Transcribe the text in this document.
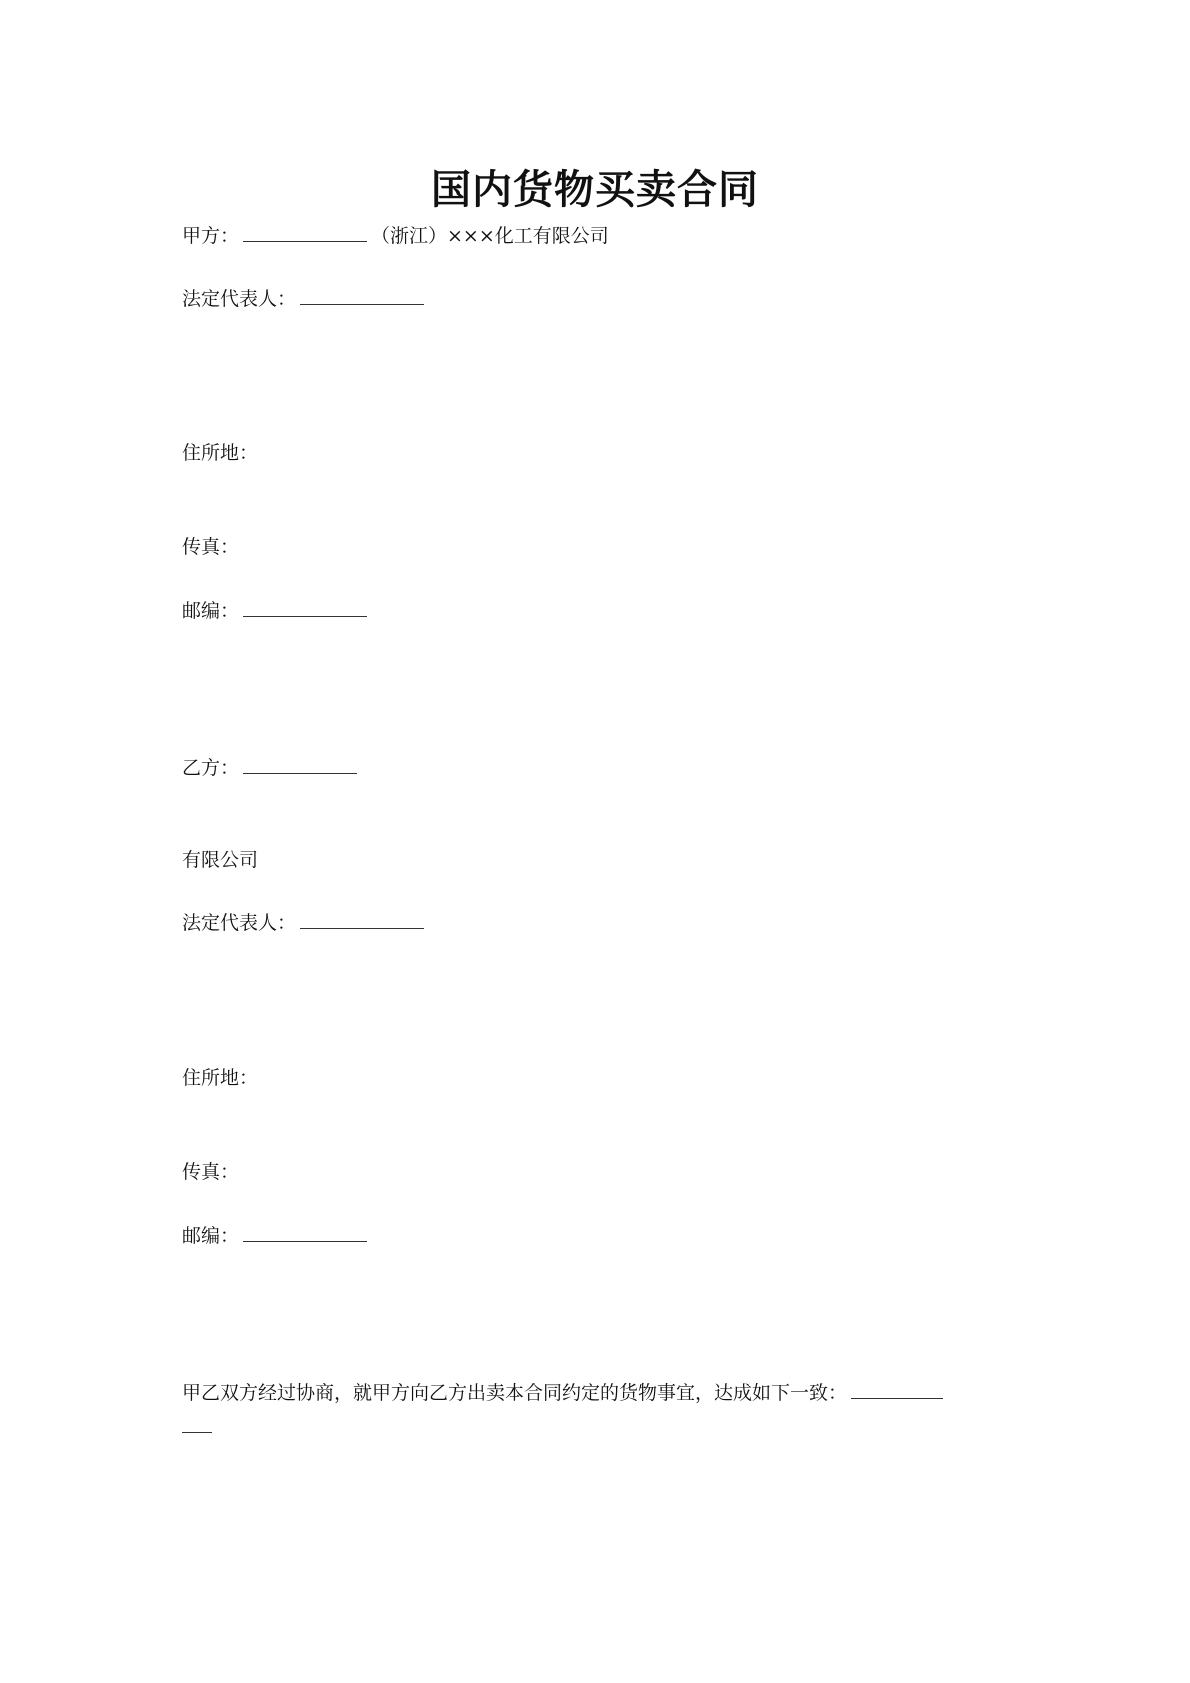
国内货物买卖合同
甲方：	（浙江）×××化工有限公司
法定代表人：
住所地：
传真：
邮编：
乙方：
有限公司
法定代表人：
住所地：
传真：
邮编：
甲乙双方经过协商，就甲方向乙方出卖本合同约定的货物事宜，达成如下一致：
